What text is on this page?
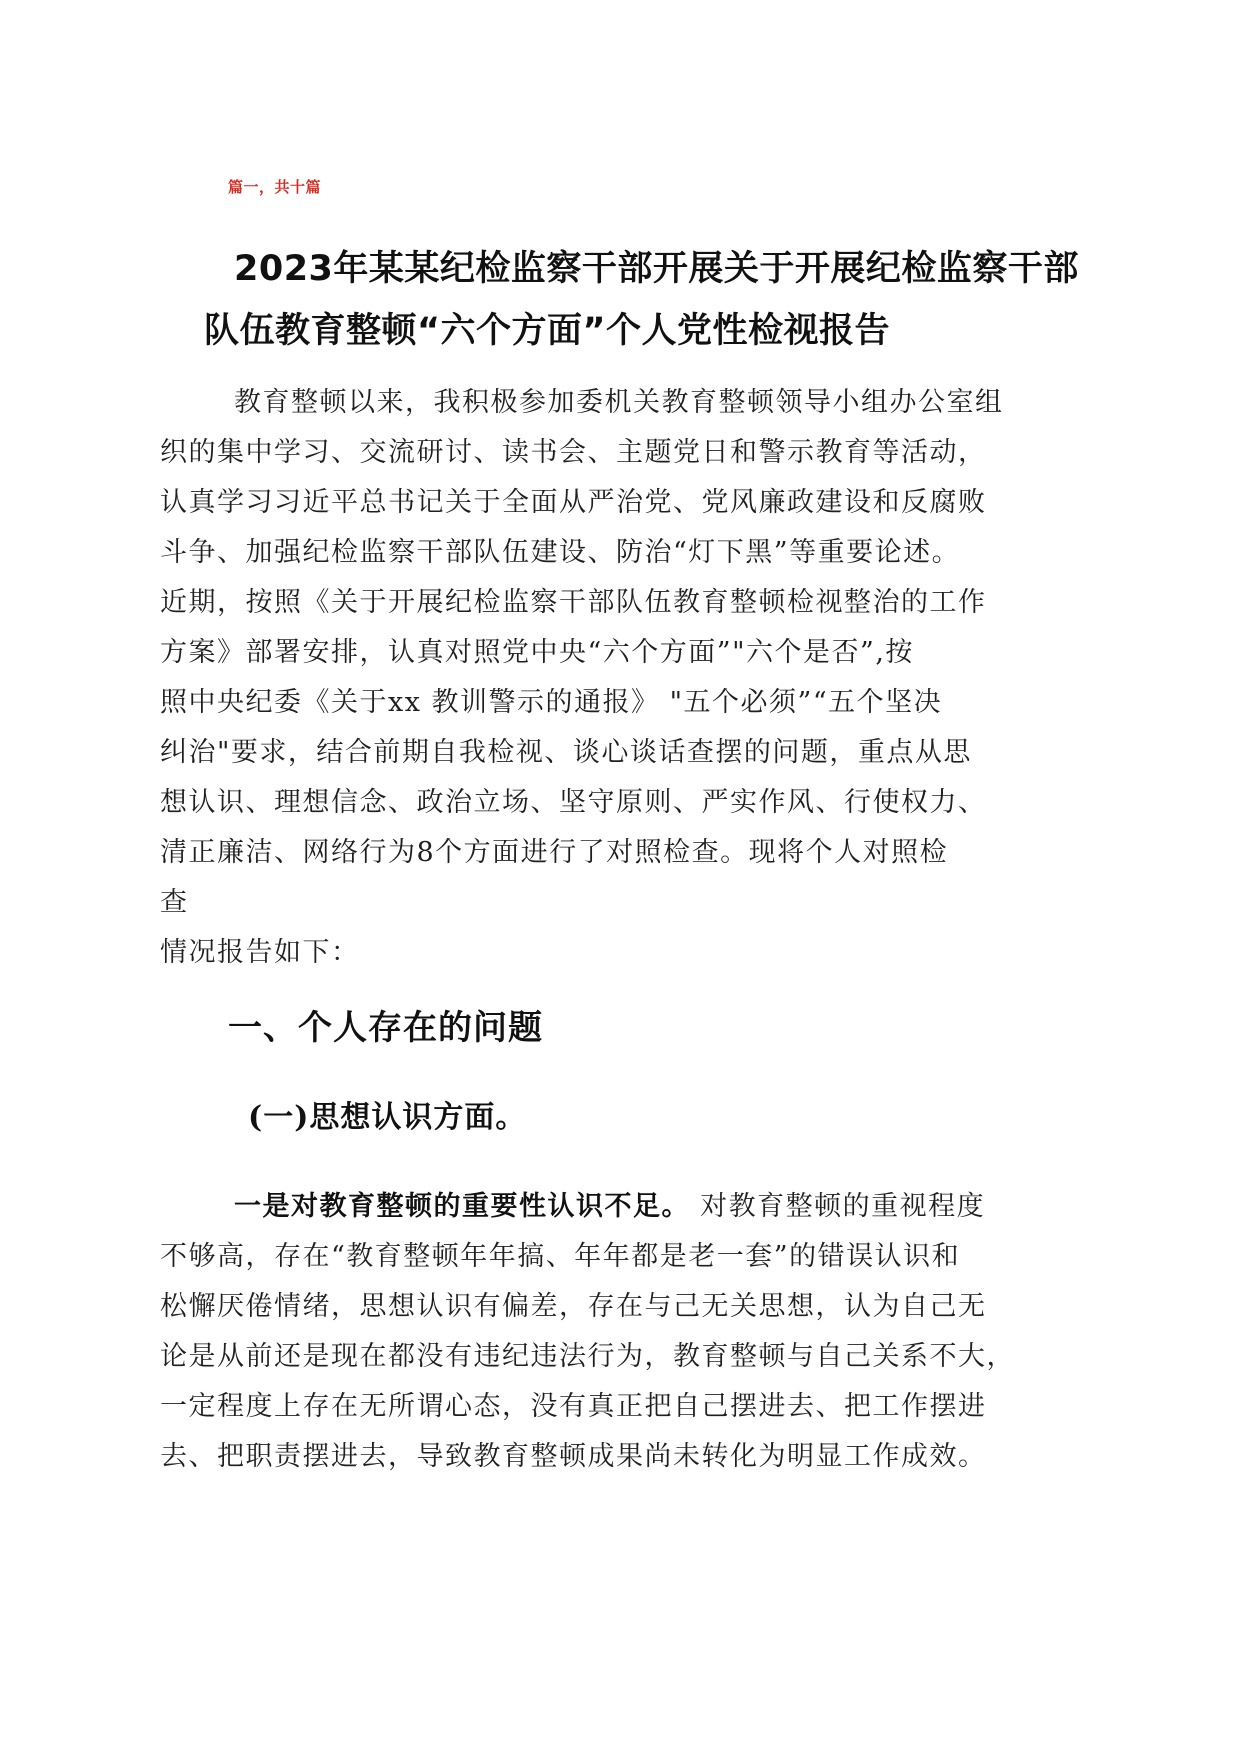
篇一，共十篇
2023年某某纪检监察干部开展关于开展纪检监察干部
队伍教育整顿“六个方面”个人党性检视报告
教育整顿以来，我积极参加委机关教育整顿领导小组办公室组
织的集中学习、交流研讨、读书会、主题党日和警示教育等活动，
认真学习习近平总书记关于全面从严治党、党风廉政建设和反腐败
斗争、加强纪检监察干部队伍建设、防治“灯下黑”等重要论述。
近期，按照《关于开展纪检监察干部队伍教育整顿检视整治的工作
方案》部署安排，认真对照党中央“六个方面”"六个是否”,按
照中央纪委《关于xx 教训警示的通报》 "五个必须”“五个坚决
纠治"要求，结合前期自我检视、谈心谈话查摆的问题，重点从思
想认识、理想信念、政治立场、坚守原则、严实作风、行使权力、
清正廉洁、网络行为8个方面进行了对照检查。现将个人对照检
查
情况报告如下：
一、个人存在的问题
(一)思想认识方面。
一是对教育整顿的重要性认识不足。 对教育整顿的重视程度
不够高，存在“教育整顿年年搞、年年都是老一套”的错误认识和
松懈厌倦情绪，思想认识有偏差，存在与己无关思想，认为自己无
论是从前还是现在都没有违纪违法行为，教育整顿与自己关系不大，
一定程度上存在无所谓心态，没有真正把自己摆进去、把工作摆进
去、把职责摆进去，导致教育整顿成果尚未转化为明显工作成效。
